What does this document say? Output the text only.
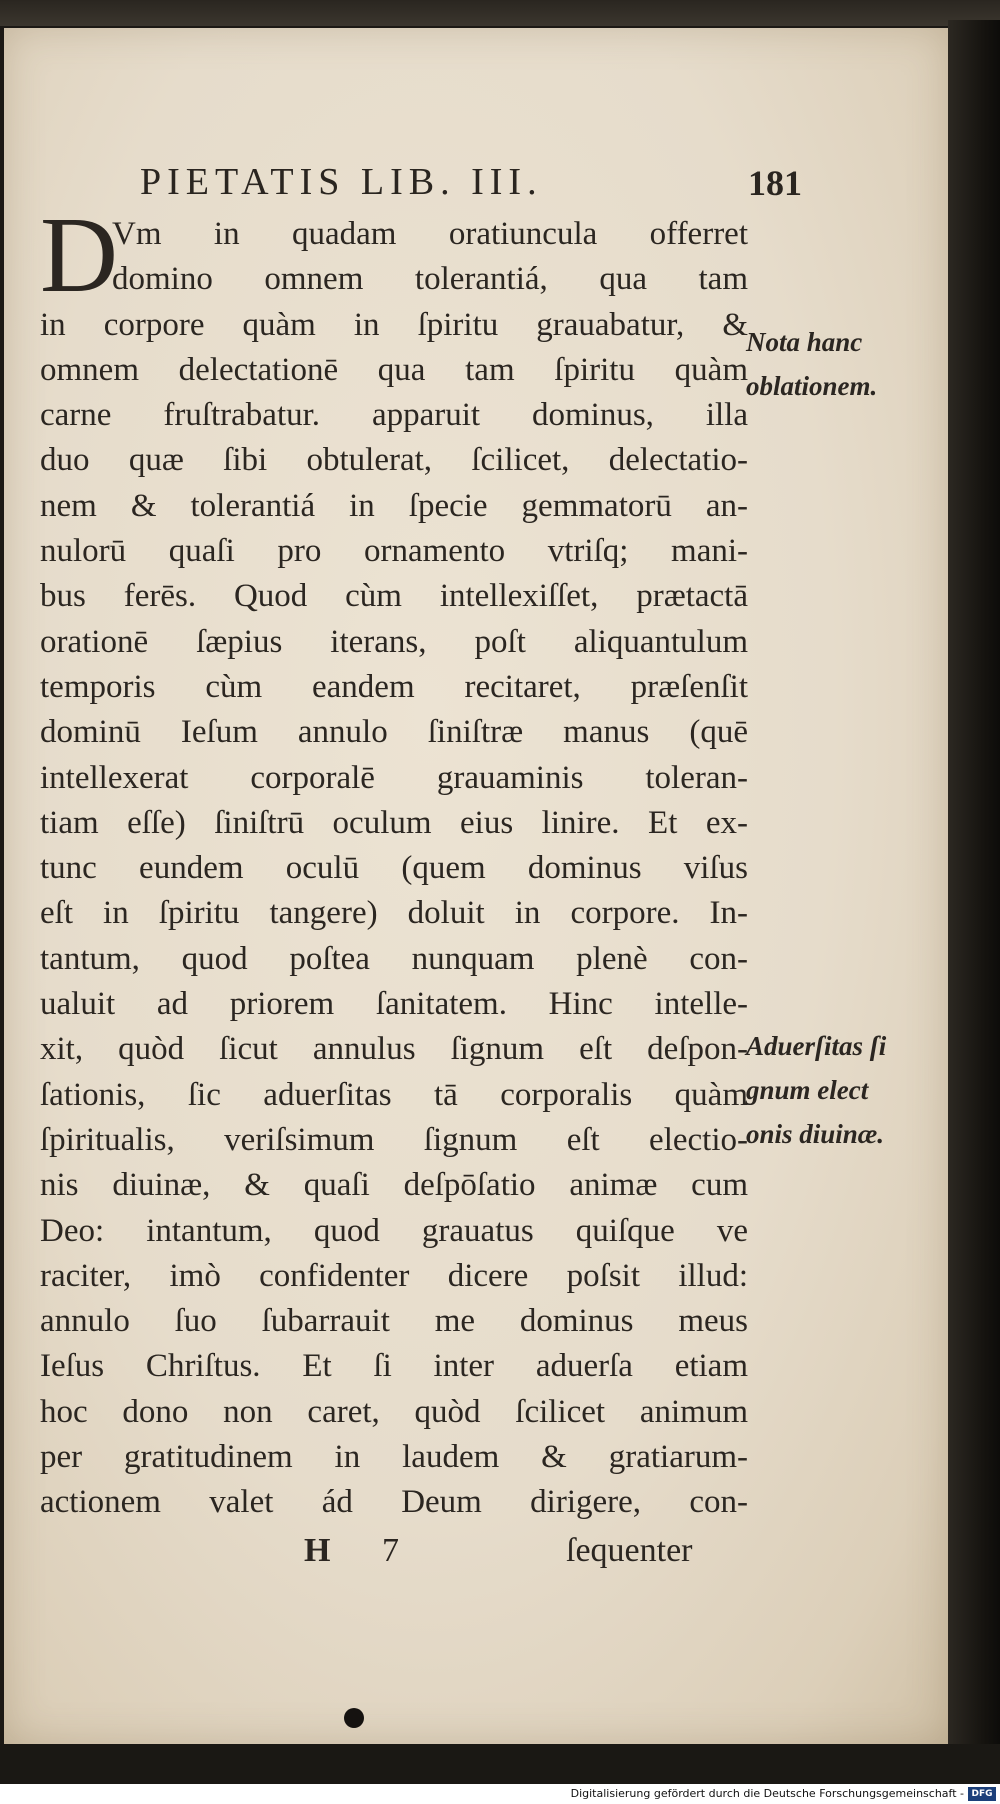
PIETATIS LIB. III.	181
D
Vm in quadam oratiuncula offerret
domino omnem tolerantiá, qua tam
in corpore quàm in ſpiritu grauabatur, &
omnem delectationē qua tam ſpiritu quàm
carne fruſtrabatur. apparuit dominus, illa
duo quæ ſibi obtulerat, ſcilicet, delectatio-
nem & tolerantiá in ſpecie gemmatorū an-
nulorū quaſi pro ornamento vtriſq; mani-
bus ferēs. Quod cùm intellexiſſet, prætactā
orationē ſæpius iterans, poſt aliquantulum
temporis cùm eandem recitaret, præſenſit
dominū Ieſum annulo ſiniſtræ manus (quē
intellexerat corporalē grauaminis toleran-
tiam eſſe) ſiniſtrū oculum eius linire. Et ex-
tunc eundem oculū (quem dominus viſus
eſt in ſpiritu tangere) doluit in corpore. In-
tantum, quod poſtea nunquam plenè con-
ualuit ad priorem ſanitatem. Hinc intelle-
xit, quòd ſicut annulus ſignum eſt deſpon-
ſationis, ſic aduerſitas tā corporalis quàm
ſpiritualis, veriſsimum ſignum eſt electio-
nis diuinæ, & quaſi deſpōſatio animæ cum
Deo: intantum, quod grauatus quiſque ve
raciter, imò confidenter dicere poſsit illud:
annulo ſuo ſubarrauit me dominus meus
Ieſus Chriſtus. Et ſi inter aduerſa etiam
hoc dono non caret, quòd ſcilicet animum
per gratitudinem in laudem & gratiarum-
actionem valet ád Deum dirigere, con-
Nota hanc
oblationem.
Aduerſitas ſi
gnum elect
onis diuinæ.
H 7	ſequenter
Digitalisierung gefördert durch die Deutsche Forschungsgemeinschaft - DFG
